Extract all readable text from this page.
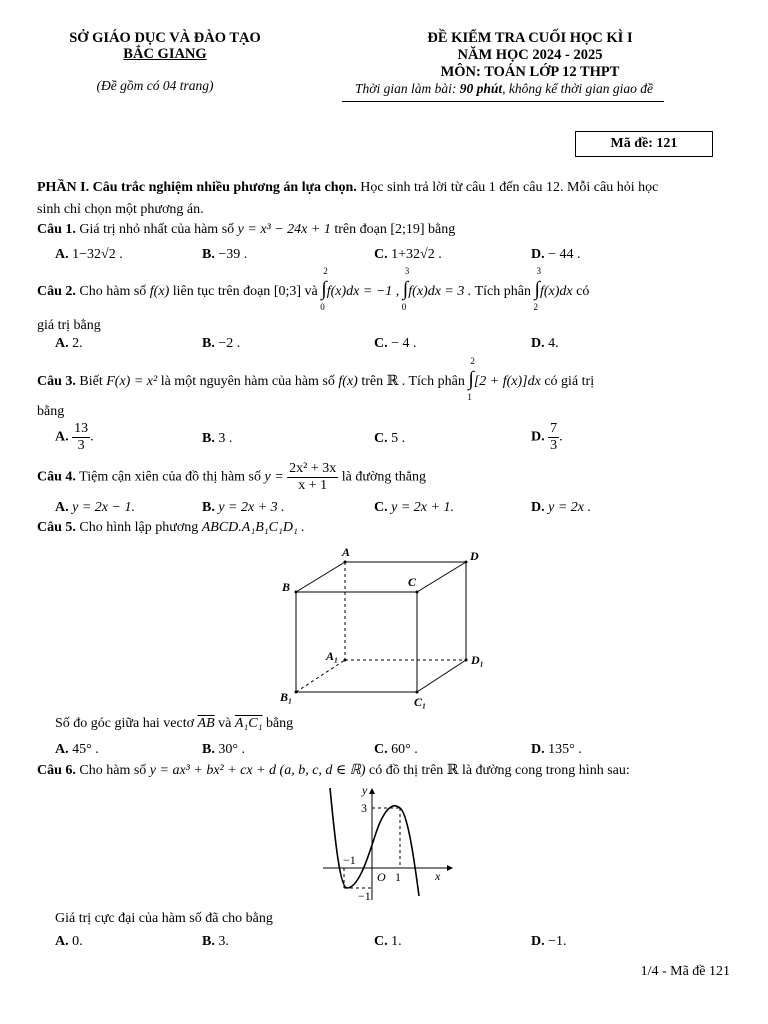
SỞ GIÁO DỤC VÀ ĐÀO TẠO
BẮC GIANG
(Đề gồm có 04 trang)
ĐỀ KIỂM TRA CUỐI HỌC KÌ I
NĂM HỌC 2024 - 2025
MÔN: TOÁN LỚP 12 THPT
Thời gian làm bài: 90 phút, không kể thời gian giao đề
Mã đề: 121
PHẦN I. Câu trắc nghiệm nhiều phương án lựa chọn. Học sinh trả lời từ câu 1 đến câu 12. Mỗi câu hỏi học
sinh chỉ chọn một phương án.
Câu 1. Giá trị nhỏ nhất của hàm số y = x³ − 24x + 1 trên đoạn [2;19] bằng
A. 1−32√2 .	B. −39 .	C. 1+32√2 .	D. − 44 .
Câu 2. Cho hàm số f(x) liên tục trên đoạn [0;3] và
2
∫
0
f(x)dx = −1 ,
3
∫
0
f(x)dx = 3 . Tích phân
3
∫
2
f(x)dx có
giá trị bằng
A. 2.	B. −2 .	C. − 4 .	D. 4.
Câu 3. Biết F(x) = x² là một nguyên hàm của hàm số f(x) trên ℝ . Tích phân
2
∫
1
[2 + f(x)]dx có giá trị
bằng
A. $\frac{13}{3}$ .	B. 3 .	C. 5 .	D. $\frac{7}{3}$ .
Câu 4. Tiệm cận xiên của đồ thị hàm số $y = \frac{\text{2x² + 3x}}{x + 1}$ là đường thẳng
A. y = 2x − 1.	B. y = 2x + 3 .	C. y = 2x + 1.	D. y = 2x .
Câu 5. Cho hình lập phương ABCD.A₁B₁C₁D₁ .
A	D
B	C
A₁	D₁
B₁	C₁
Số đo góc giữa hai vectơ $\overline{AB}$ và A₁C₁ bằng
A. 45° .	B. 30° .	C. 60° .	D. 135° .
Câu 6. Cho hàm số y = ax³ + bx² + cx + d (a, b, c, d ∈ ℝ) có đồ thị trên ℝ là đường cong trong hình sau:
y
x
O
3
−1
1
−1
Giá trị cực đại của hàm số đã cho bằng
A. 0.	B. 3.	C. 1.	D. −1.
1/4 - Mã đề 121
